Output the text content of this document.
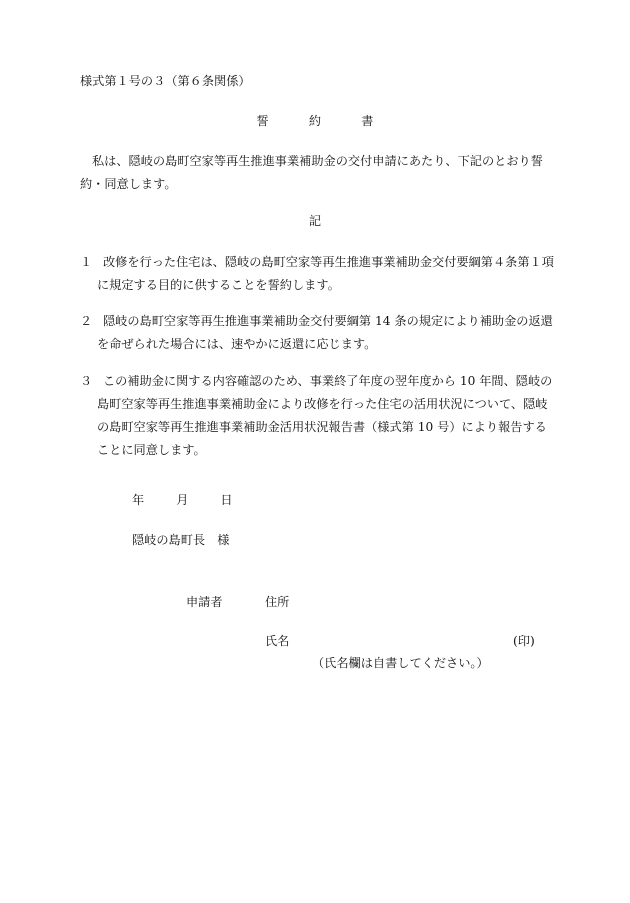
様式第１号の３（第６条関係）
誓　約　書
私は、隠岐の島町空家等再生推進事業補助金の交付申請にあたり、下記のとおり誓約・同意します。
記
１ 改修を行った住宅は、隠岐の島町空家等再生推進事業補助金交付要綱第４条第１項に規定する目的に供することを誓約します。
２ 隠岐の島町空家等再生推進事業補助金交付要綱第 14 条の規定により補助金の返還を命ぜられた場合には、速やかに返還に応じます。
３ この補助金に関する内容確認のため、事業終了年度の翌年度から 10 年間、隠岐の島町空家等再生推進事業補助金により改修を行った住宅の活用状況について、隠岐の島町空家等再生推進事業補助金活用状況報告書（様式第 10 号）により報告することに同意します。
年	月	日
隠岐の島町長　様
申請者	住所
氏名	(印)
（氏名欄は自書してください。）
